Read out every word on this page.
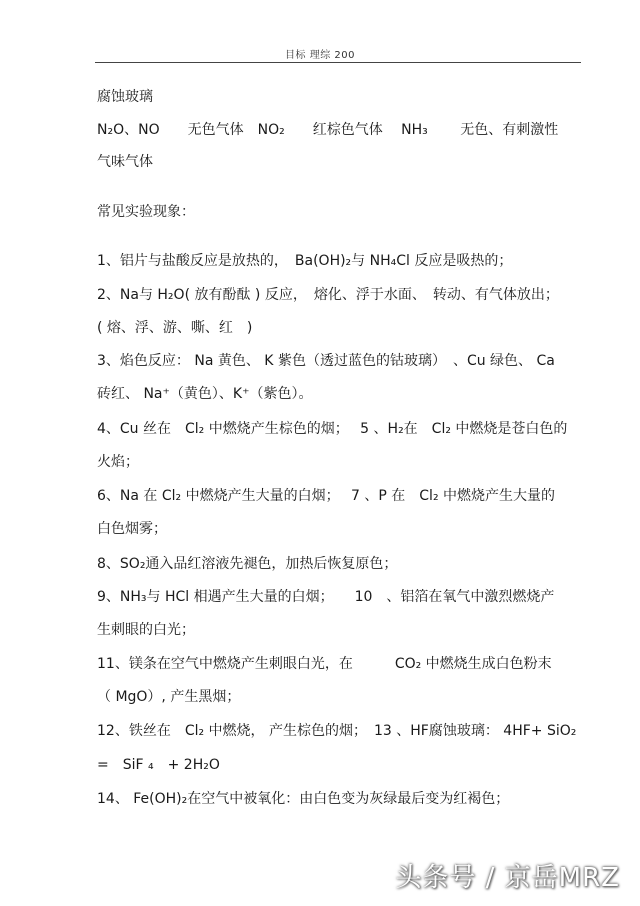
目标 理综 200
腐蚀玻璃
N₂O、NO　　无色气体　NO₂　　红棕色气体　 NH₃　　 无色、有刺激性
气味气体
常见实验现象：
1、铝片与盐酸反应是放热的，　Ba(OH)₂与 NH₄Cl 反应是吸热的；
2、Na与 H₂O( 放有酚酞 ) 反应，　熔化、浮于水面、　转动、有气体放出；
( 熔、浮、游、嘶、红　)
3、焰色反应： Na 黄色、 K 紫色（透过蓝色的钴玻璃）　、Cu 绿色、 Ca
砖红、 Na⁺（黄色）、K⁺（紫色）。
4、Cu 丝在　Cl₂ 中燃烧产生棕色的烟；　 5 、H₂在　Cl₂ 中燃烧是苍白色的
火焰；
6、Na 在 Cl₂ 中燃烧产生大量的白烟；　 7 、P 在　Cl₂ 中燃烧产生大量的
白色烟雾；
8、SO₂通入品红溶液先褪色，加热后恢复原色；
9、NH₃与 HCl 相遇产生大量的白烟；　　10　、铝箔在氧气中激烈燃烧产
生刺眼的白光；
11、镁条在空气中燃烧产生刺眼白光，在　　　CO₂ 中燃烧生成白色粉末
（ MgO）, 产生黑烟；
12、铁丝在　Cl₂ 中燃烧， 产生棕色的烟；　13 、HF腐蚀玻璃： 4HF+ SiO₂
=　SiF ₄　+ 2H₂O
14、 Fe(OH)₂在空气中被氧化：由白色变为灰绿最后变为红褐色；
头条号 / 京岳MRZ
